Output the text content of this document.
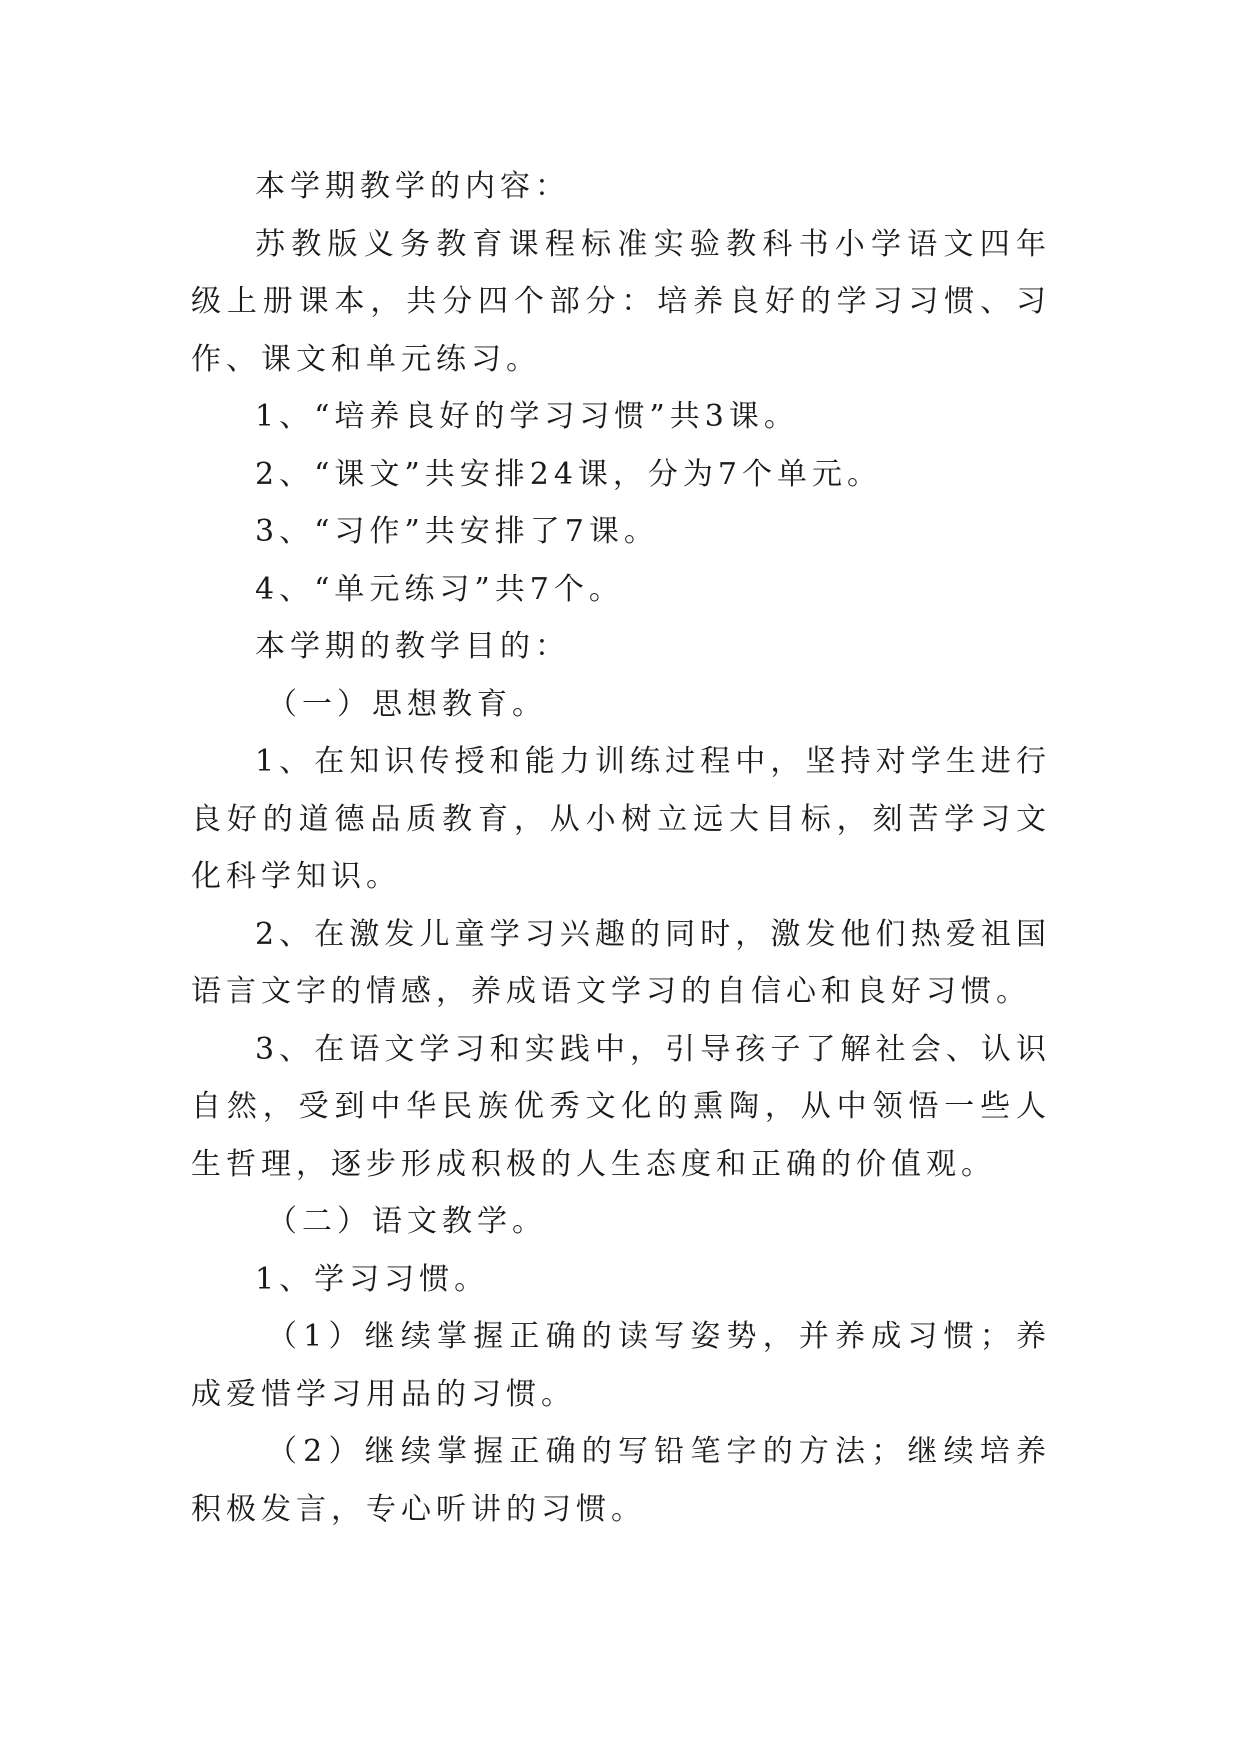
本学期教学的内容：

苏教版义务教育课程标准实验教科书小学语文四年级上册课本，共分四个部分：培养良好的学习习惯、习作、课文和单元练习。

1、“培养良好的学习习惯”共3课。

2、“课文”共安排24课，分为7个单元。

3、“习作”共安排了7课。

4、“单元练习”共7个。

本学期的教学目的：

（一）思想教育。

1、在知识传授和能力训练过程中，坚持对学生进行良好的道德品质教育，从小树立远大目标，刻苦学习文化科学知识。

2、在激发儿童学习兴趣的同时，激发他们热爱祖国语言文字的情感，养成语文学习的自信心和良好习惯。

3、在语文学习和实践中，引导孩子了解社会、认识自然，受到中华民族优秀文化的熏陶，从中领悟一些人生哲理，逐步形成积极的人生态度和正确的价值观。

（二）语文教学。

1、学习习惯。

（1）继续掌握正确的读写姿势，并养成习惯；养成爱惜学习用品的习惯。

（2）继续掌握正确的写铅笔字的方法；继续培养积极发言，专心听讲的习惯。
